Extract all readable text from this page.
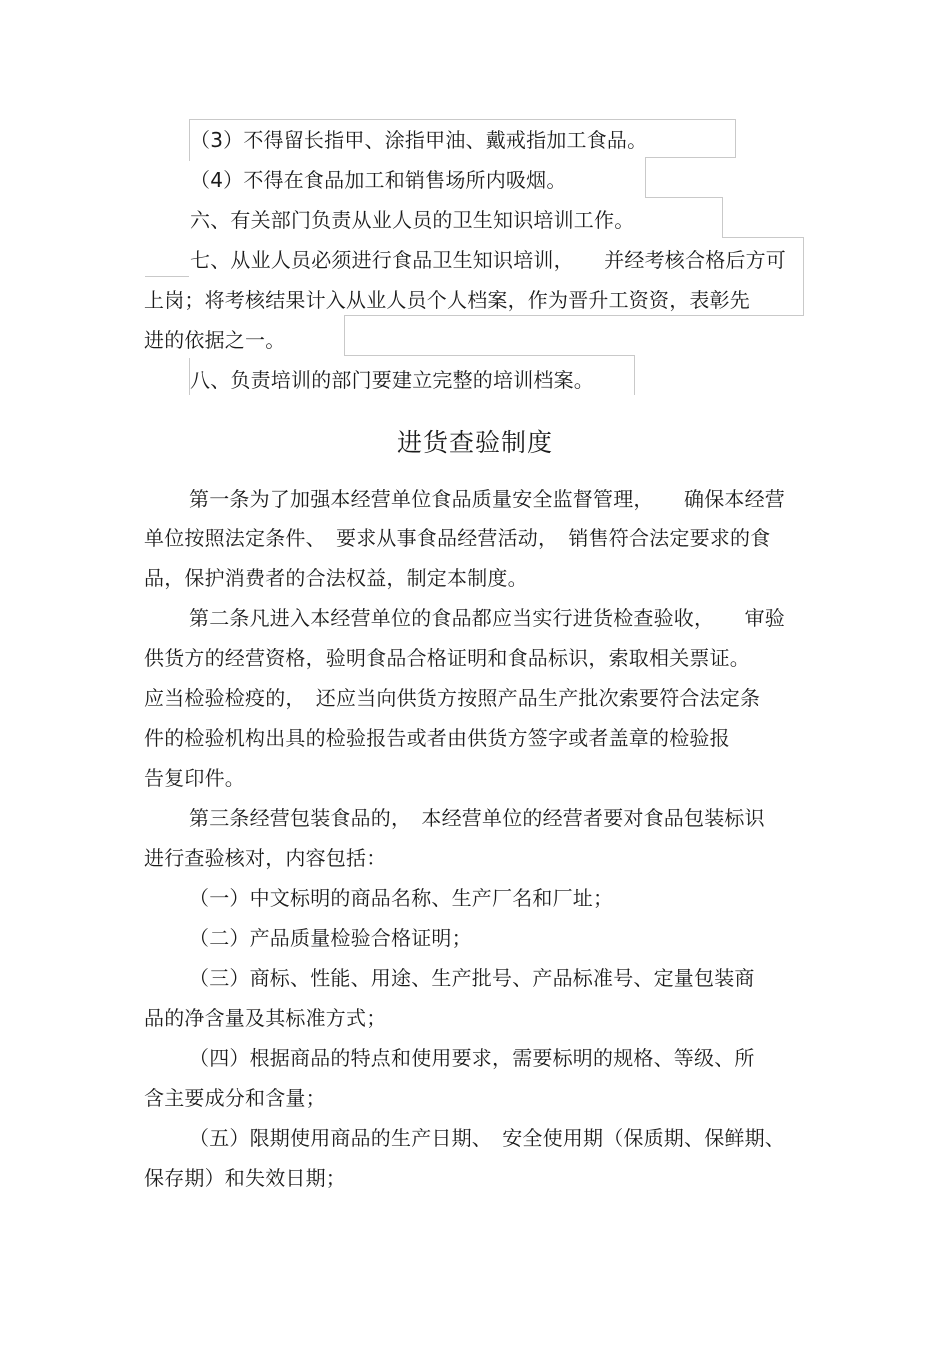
（3）不得留长指甲、涂指甲油、戴戒指加工食品。
（4）不得在食品加工和销售场所内吸烟。
六、有关部门负责从业人员的卫生知识培训工作。
七、从业人员必须进行食品卫生知识培训，　　并经考核合格后方可
上岗；将考核结果计入从业人员个人档案，作为晋升工资资，表彰先
进的依据之一。
八、负责培训的部门要建立完整的培训档案。
进货查验制度
第一条为了加强本经营单位食品质量安全监督管理，　　确保本经营
单位按照法定条件、　要求从事食品经营活动，　销售符合法定要求的食
品，保护消费者的合法权益，制定本制度。
第二条凡进入本经营单位的食品都应当实行进货检查验收，　　审验
供货方的经营资格，验明食品合格证明和食品标识，索取相关票证。
应当检验检疫的，　还应当向供货方按照产品生产批次索要符合法定条
件的检验机构出具的检验报告或者由供货方签字或者盖章的检验报
告复印件。
第三条经营包装食品的，　本经营单位的经营者要对食品包装标识
进行查验核对，内容包括：
（一）中文标明的商品名称、生产厂名和厂址；
（二）产品质量检验合格证明；
（三）商标、性能、用途、生产批号、产品标准号、定量包装商
品的净含量及其标准方式；
（四）根据商品的特点和使用要求，需要标明的规格、等级、所
含主要成分和含量；
（五）限期使用商品的生产日期、　安全使用期（保质期、保鲜期、
保存期）和失效日期；
